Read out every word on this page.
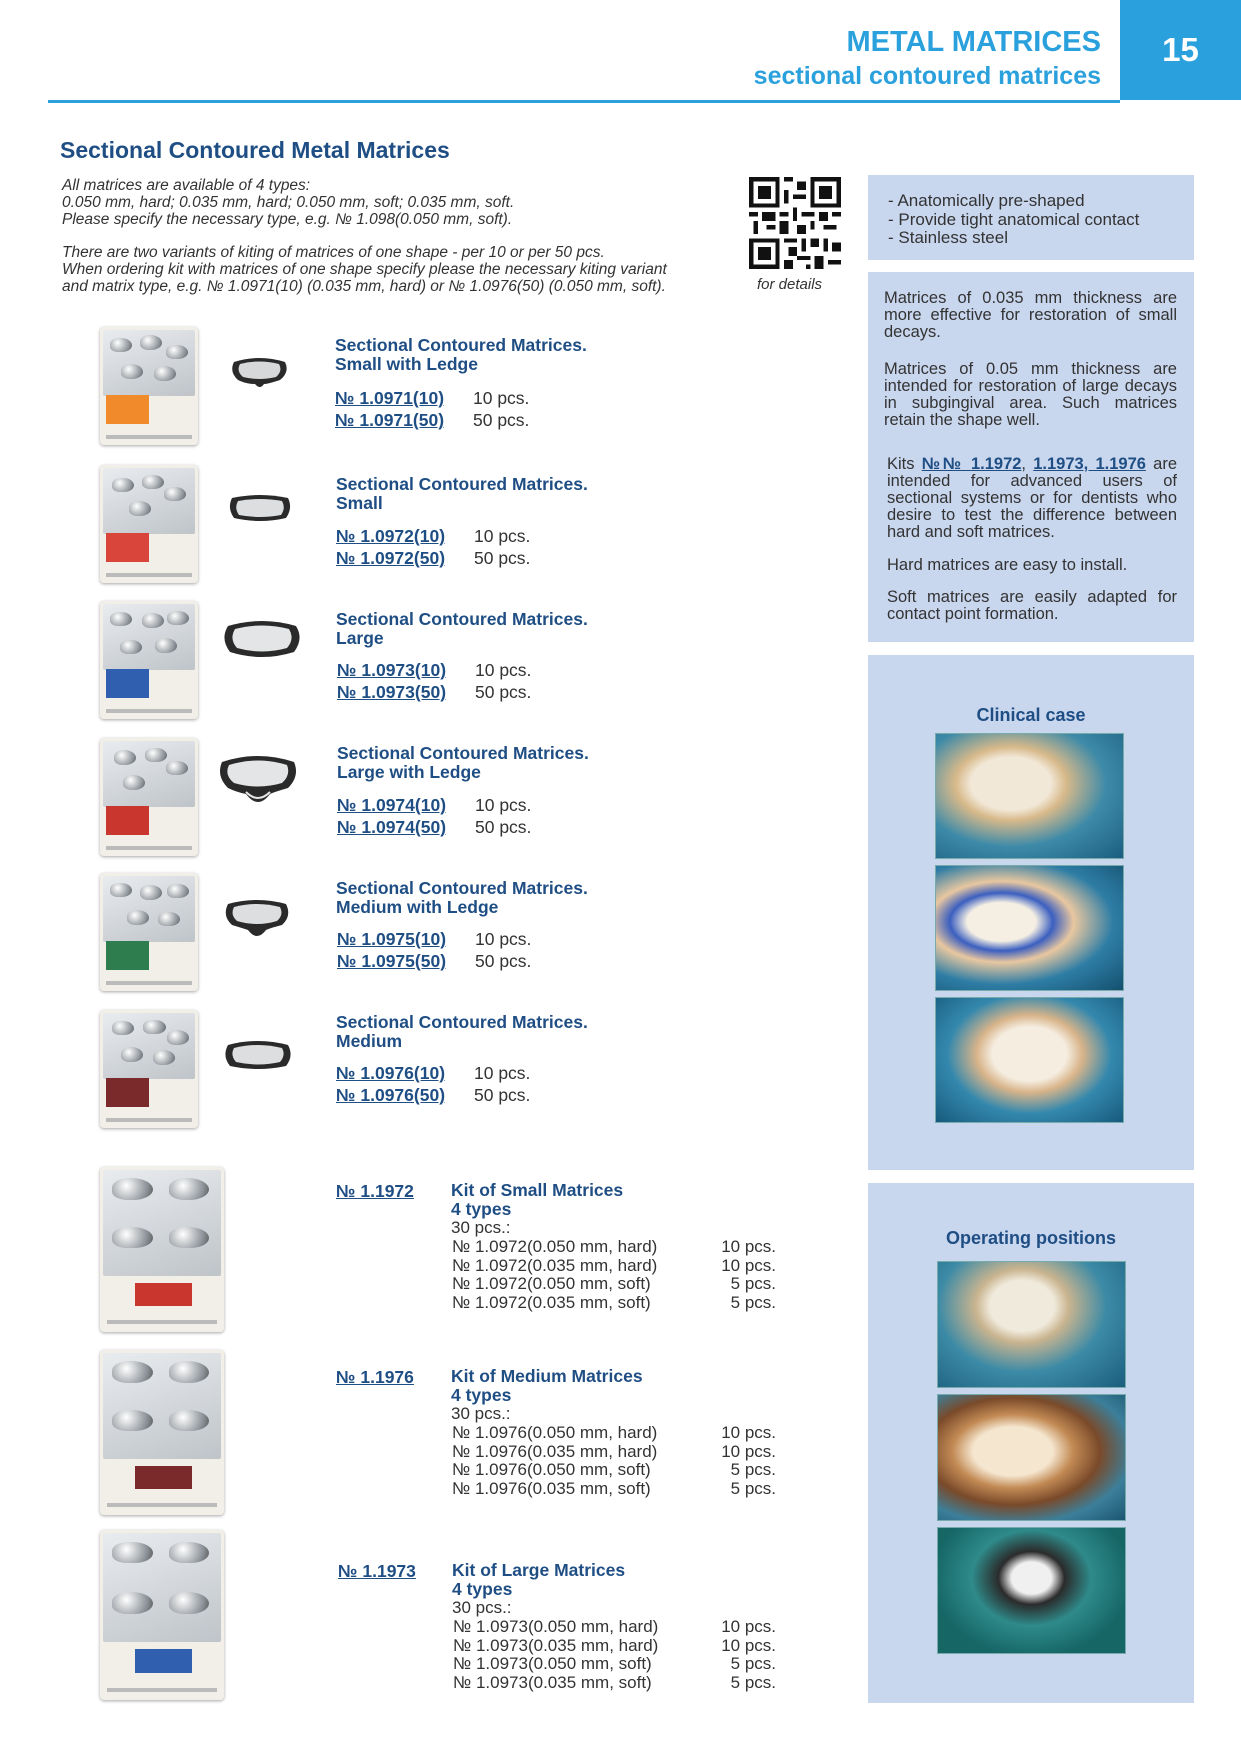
METAL MATRICES
sectional contoured matrices
15
Sectional Contoured Metal Matrices
All matrices are available of 4 types:
0.050 mm, hard; 0.035 mm, hard; 0.050 mm, soft; 0.035 mm, soft.
Please specify the necessary type, e.g. № 1.098(0.050 mm, soft).
There are two variants of kiting of matrices of one shape - per 10 or per 50 pcs.
When ordering kit with matrices of one shape specify please the necessary kiting variant
and matrix type, e.g. № 1.0971(10) (0.035 mm, hard) or № 1.0976(50) (0.050 mm, soft).	for details
- Anatomically pre-shaped
- Provide tight anatomical contact
- Stainless steel
Matrices of 0.035 mm thickness are more effective for restoration of small decays.
Matrices of 0.05 mm thickness are intended for restoration of large decays in subgingival area. Such matrices retain the shape well.
Kits №№ 1.1972, 1.1973, 1.1976 are intended for advanced users of sectional systems or for dentists who desire to test the difference between hard and soft matrices.
Hard matrices are easy to install.
Soft matrices are easily adapted for contact point formation.
Clinical case
Operating positions
Sectional Contoured Matrices.
Small with Ledge
№ 1.0971(10) 10 pcs.
№ 1.0971(50) 50 pcs.
Sectional Contoured Matrices.
Small
№ 1.0972(10) 10 pcs.
№ 1.0972(50) 50 pcs.
Sectional Contoured Matrices.
Large
№ 1.0973(10) 10 pcs.
№ 1.0973(50) 50 pcs.
Sectional Contoured Matrices.
Large with Ledge
№ 1.0974(10) 10 pcs.
№ 1.0974(50) 50 pcs.
Sectional Contoured Matrices.
Medium with Ledge
№ 1.0975(10) 10 pcs.
№ 1.0975(50) 50 pcs.
Sectional Contoured Matrices.
Medium
№ 1.0976(10) 10 pcs.
№ 1.0976(50) 50 pcs.
№ 1.1972 Kit of Small Matrices
4 types
30 pcs.:
№ 1.0972(0.050 mm, hard)
№ 1.0972(0.035 mm, hard)
№ 1.0972(0.050 mm, soft)
№ 1.0972(0.035 mm, soft)
10 pcs.
10 pcs.
5 pcs.
5 pcs.
№ 1.1976 Kit of Medium Matrices
4 types
30 pcs.:
№ 1.0976(0.050 mm, hard)
№ 1.0976(0.035 mm, hard)
№ 1.0976(0.050 mm, soft)
№ 1.0976(0.035 mm, soft)
10 pcs.
10 pcs.
5 pcs.
5 pcs.
№ 1.1973 Kit of Large Matrices
4 types
30 pcs.:
№ 1.0973(0.050 mm, hard)
№ 1.0973(0.035 mm, hard)
№ 1.0973(0.050 mm, soft)
№ 1.0973(0.035 mm, soft)
10 pcs.
10 pcs.
5 pcs.
5 pcs.
